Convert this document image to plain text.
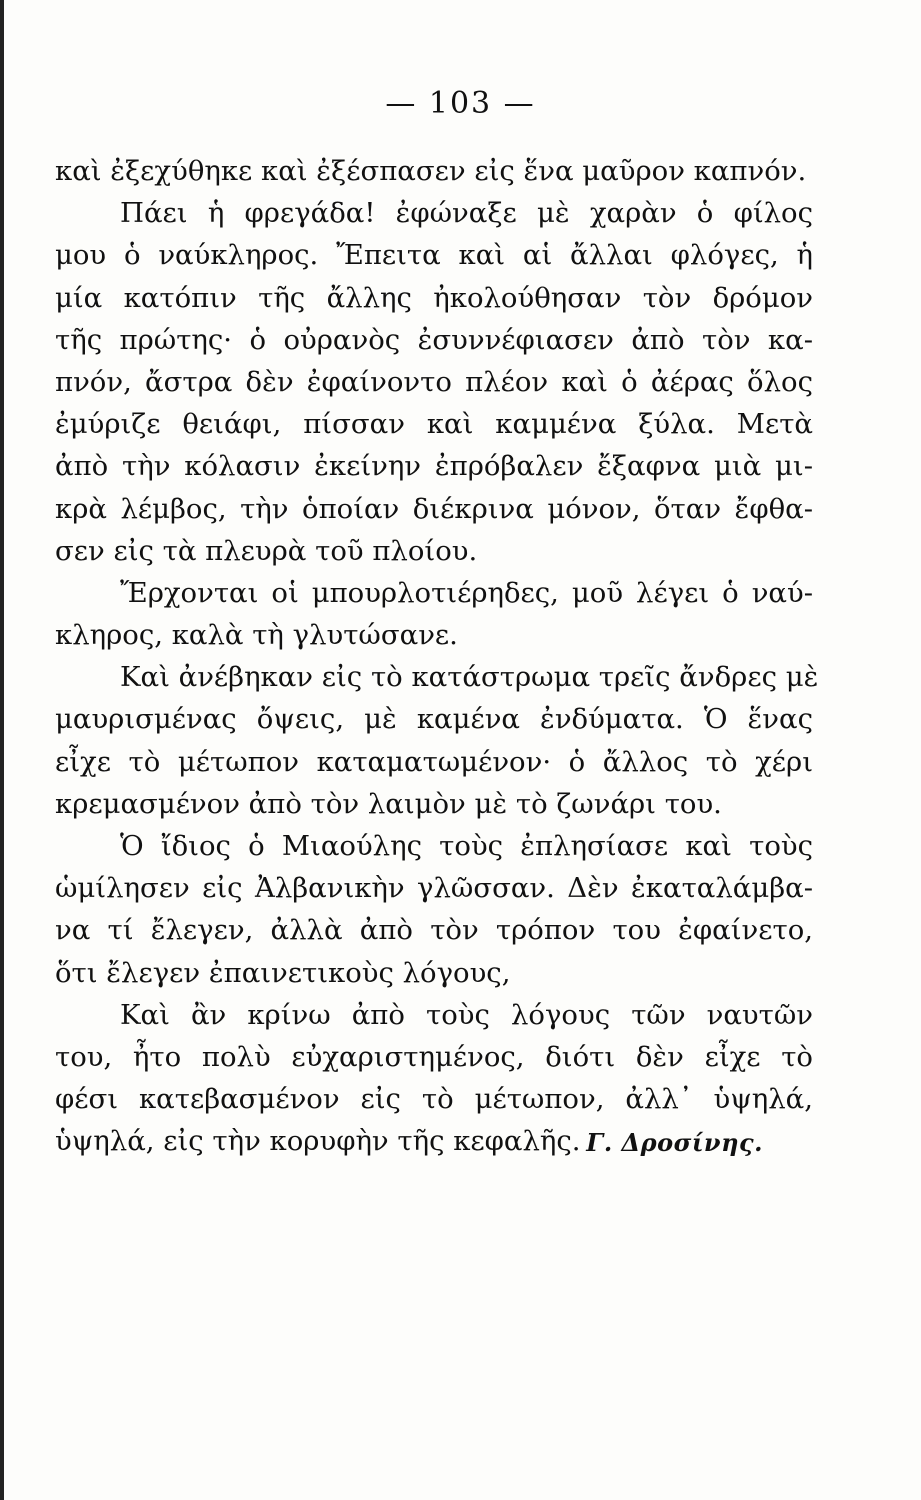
— 103 —
καὶ ἐξεχύθηκε καὶ ἐξέσπασεν εἰς ἕνα μαῦρον καπνόν.
Πάει ἡ φρεγάδα! ἐφώναξε μὲ χαρὰν ὁ φίλος
μου ὁ ναύκληρος. Ἔπειτα καὶ αἱ ἄλλαι φλόγες, ἡ
μία κατόπιν τῆς ἄλλης ἠκολούθησαν τὸν δρόμον
τῆς πρώτης· ὁ οὐρανὸς ἐσυννέφιασεν ἀπὸ τὸν κα-
πνόν, ἄστρα δὲν ἐφαίνοντο πλέον καὶ ὁ ἀέρας ὅλος
ἐμύριζε θειάφι, πίσσαν καὶ καμμένα ξύλα. Μετὰ
ἀπὸ τὴν κόλασιν ἐκείνην ἐπρόβαλεν ἔξαφνα μιὰ μι-
κρὰ λέμβος, τὴν ὁποίαν διέκρινα μόνον, ὅταν ἔφθα-
σεν εἰς τὰ πλευρὰ τοῦ πλοίου.
Ἔρχονται οἱ μπουρλοτιέρηδες, μοῦ λέγει ὁ ναύ-
κληρος, καλὰ τὴ γλυτώσανε.
Καὶ ἀνέβηκαν εἰς τὸ κατάστρωμα τρεῖς ἄνδρες μὲ
μαυρισμένας ὄψεις, μὲ καμένα ἐνδύματα. Ὁ ἕνας
εἶχε τὸ μέτωπον καταματωμένον· ὁ ἄλλος τὸ χέρι
κρεμασμένον ἀπὸ τὸν λαιμὸν μὲ τὸ ζωνάρι του.
Ὁ ἴδιος ὁ Μιαούλης τοὺς ἐπλησίασε καὶ τοὺς
ὡμίλησεν εἰς Ἀλβανικὴν γλῶσσαν. Δὲν ἐκαταλάμβα-
να τί ἔλεγεν, ἀλλὰ ἀπὸ τὸν τρόπον του ἐφαίνετο,
ὅτι ἔλεγεν ἐπαινετικοὺς λόγους,
Καὶ ἂν κρίνω ἀπὸ τοὺς λόγους τῶν ναυτῶν
του, ἦτο πολὺ εὐχαριστημένος, διότι δὲν εἶχε τὸ
φέσι κατεβασμένον εἰς τὸ μέτωπον, ἀλλ᾽ ὑψηλά,
ὑψηλά, εἰς τὴν κορυφὴν τῆς κεφαλῆς. Γ. Δροσίνης.
